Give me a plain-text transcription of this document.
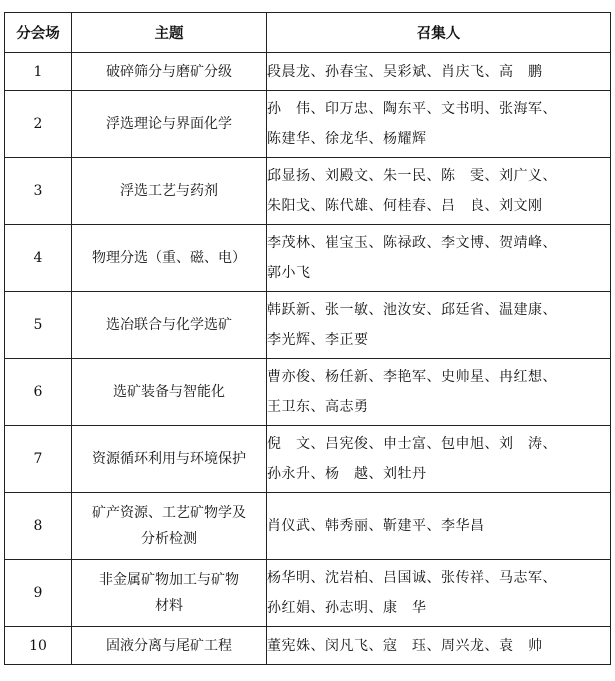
分会场	主题	召集人
1	破碎筛分与磨矿分级	段晨龙、孙春宝、吴彩斌、肖庆飞、高　鹏

2	浮选理论与界面化学	孙　伟、印万忠、陶东平、文书明、张海军、
陈建华、徐龙华、杨耀辉

3	浮选工艺与药剂	邱显扬、刘殿文、朱一民、陈　雯、刘广义、
朱阳戈、陈代雄、何桂春、吕　良、刘文刚

4	物理分选（重、磁、电）	李茂林、崔宝玉、陈禄政、李文博、贺靖峰、
郭小飞

5	选冶联合与化学选矿	韩跃新、张一敏、池汝安、邱廷省、温建康、
李光辉、李正要

6	选矿装备与智能化	曹亦俊、杨任新、李艳军、史帅星、冉红想、
王卫东、高志勇

7	资源循环利用与环境保护	倪　文、吕宪俊、申士富、包申旭、刘　涛、
孙永升、杨　越、刘牡丹

8	矿产资源、工艺矿物学及
分析检测	肖仪武、韩秀丽、靳建平、李华昌

9	非金属矿物加工与矿物
材料	杨华明、沈岩柏、吕国诚、张传祥、马志军、
孙红娟、孙志明、康　华

10	固液分离与尾矿工程	董宪姝、闵凡飞、寇　珏、周兴龙、袁　帅
